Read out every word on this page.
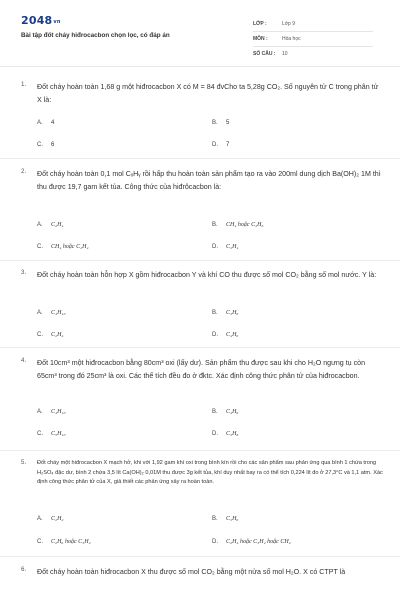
2048vn
Bài tập đốt cháy hiđrocacbon chọn lọc, có đáp án
LỚP :	Lớp 9
MÔN :	Hóa học
SỐ CÂU :	10
1. Đốt cháy hoàn toàn 1,68 g một hiđrocacbon X có M = 84 đvCho ta 5,28g CO₂. Số nguyên tử C trong phân tử X là:
A. 4	B. 5
C. 6	D. 7
2. Đốt cháy hoàn toàn 0,1 mol CₓHᵧ rồi hấp thu hoàn toàn sản phẩm tạo ra vào 200ml dung dịch Ba(OH)₂ 1M thì thu được 19,7 gam kết tủa. Công thức của hiđrôcacbon là:
A. C₂H₄	B. CH₄ hoặc C₂H₆
C. CH₄ hoặc C₂H₄	D. C₂H₄
3. Đốt cháy hoàn toàn hỗn hợp X gồm hiđrocacbon Y và khí CO thu được số mol CO₂ bằng số mol nước. Y là:
A. C₄H₁₀	B. C₃H₆
C. C₂H₄	D. C₄H₆
4. Đốt 10cm³ một hiđrocacbon bằng 80cm³ oxi (lấy dư). Sản phẩm thu được sau khi cho H₂O ngưng tụ còn 65cm³ trong đó 25cm³ là oxi. Các thể tích đều đo ở đktc. Xác định công thức phân tử của hiđrocacbon.
A. C₄H₁₀	B. C₄H₆
C. C₅H₁₀	D. C₃H₈
5. Đốt cháy một hiđrocacbon X mạch hở, khi với 1,92 gam khí oxi trong bình kín rồi cho các sản phẩm sau phản ứng qua bình 1 chứa trong H₂SO₄ đặc dư, bình 2 chứa 3,5 lít Ca(OH)₂ 0,01M thu được 3g kết tủa, khí duy nhất bay ra có thể tích 0,224 lít đo ở 27,3°C và 1,1 atm. Xác định công thức phân tử của X, giả thiết các phản ứng xảy ra hoàn toàn.
A. C₂H₂	B. C₃H₆
C. C₂H₆ hoặc C₃H₂	D. C₂H₄ hoặc C₃H₂ hoặc CH₄
6. Đốt cháy hoàn toàn hiđrocacbon X thu được số mol CO₂ bằng một nửa số mol H₂O. X có CTPT là
